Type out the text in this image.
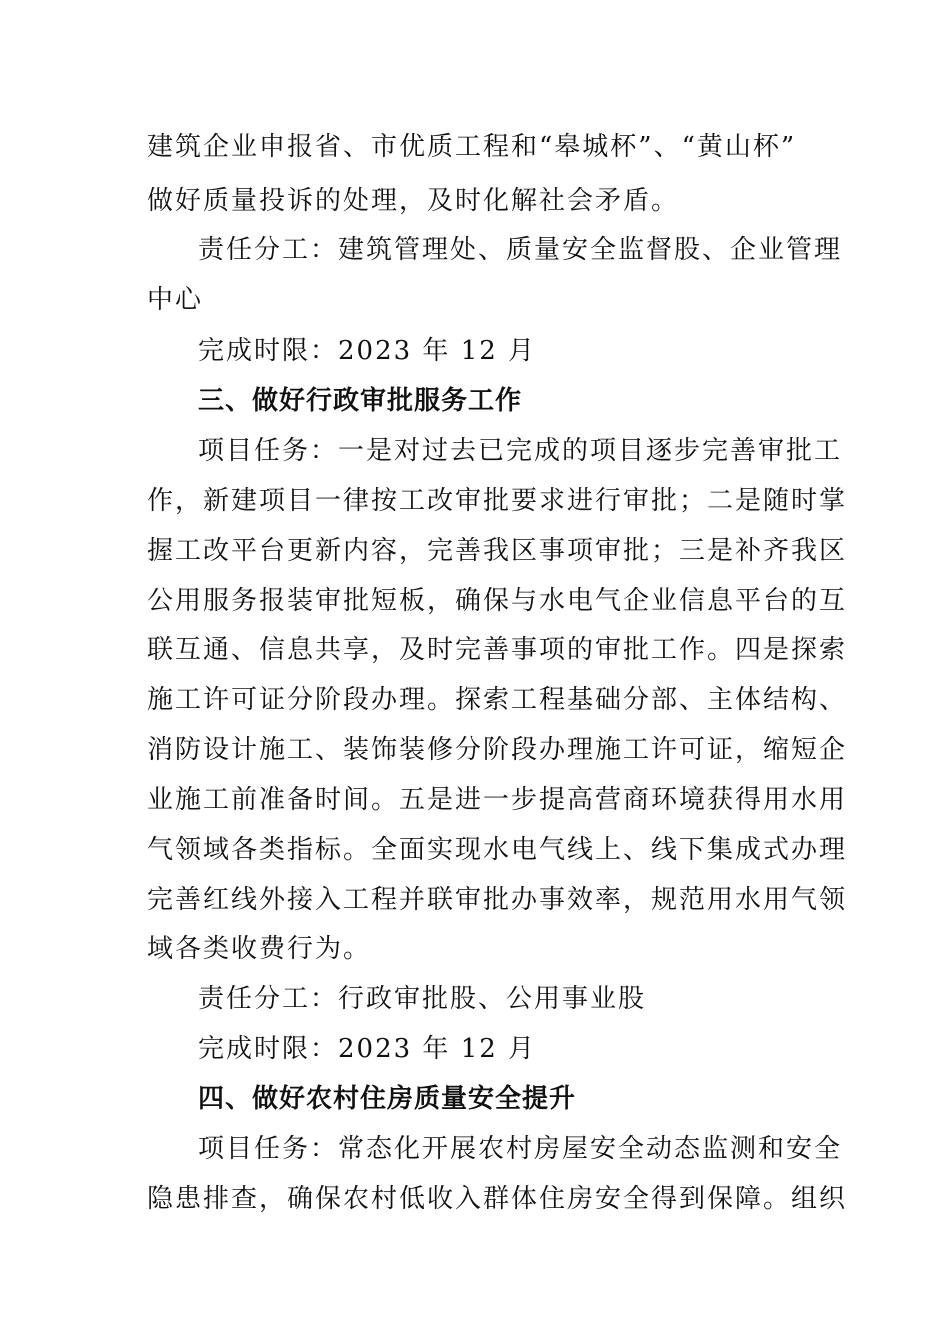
建筑企业申报省、市优质工程和“皋城杯”、“黄山杯”
做好质量投诉的处理，及时化解社会矛盾。
责任分工：建筑管理处、质量安全监督股、企业管理
中心
完成时限：2023 年 12 月
三、做好行政审批服务工作
项目任务：一是对过去已完成的项目逐步完善审批工
作，新建项目一律按工改审批要求进行审批；二是随时掌
握工改平台更新内容，完善我区事项审批；三是补齐我区
公用服务报装审批短板，确保与水电气企业信息平台的互
联互通、信息共享，及时完善事项的审批工作。四是探索
施工许可证分阶段办理。探索工程基础分部、主体结构、
消防设计施工、装饰装修分阶段办理施工许可证，缩短企
业施工前准备时间。五是进一步提高营商环境获得用水用
气领域各类指标。全面实现水电气线上、线下集成式办理
完善红线外接入工程并联审批办事效率，规范用水用气领
域各类收费行为。
责任分工：行政审批股、公用事业股
完成时限：2023 年 12 月
四、做好农村住房质量安全提升
项目任务：常态化开展农村房屋安全动态监测和安全
隐患排查，确保农村低收入群体住房安全得到保障。组织
